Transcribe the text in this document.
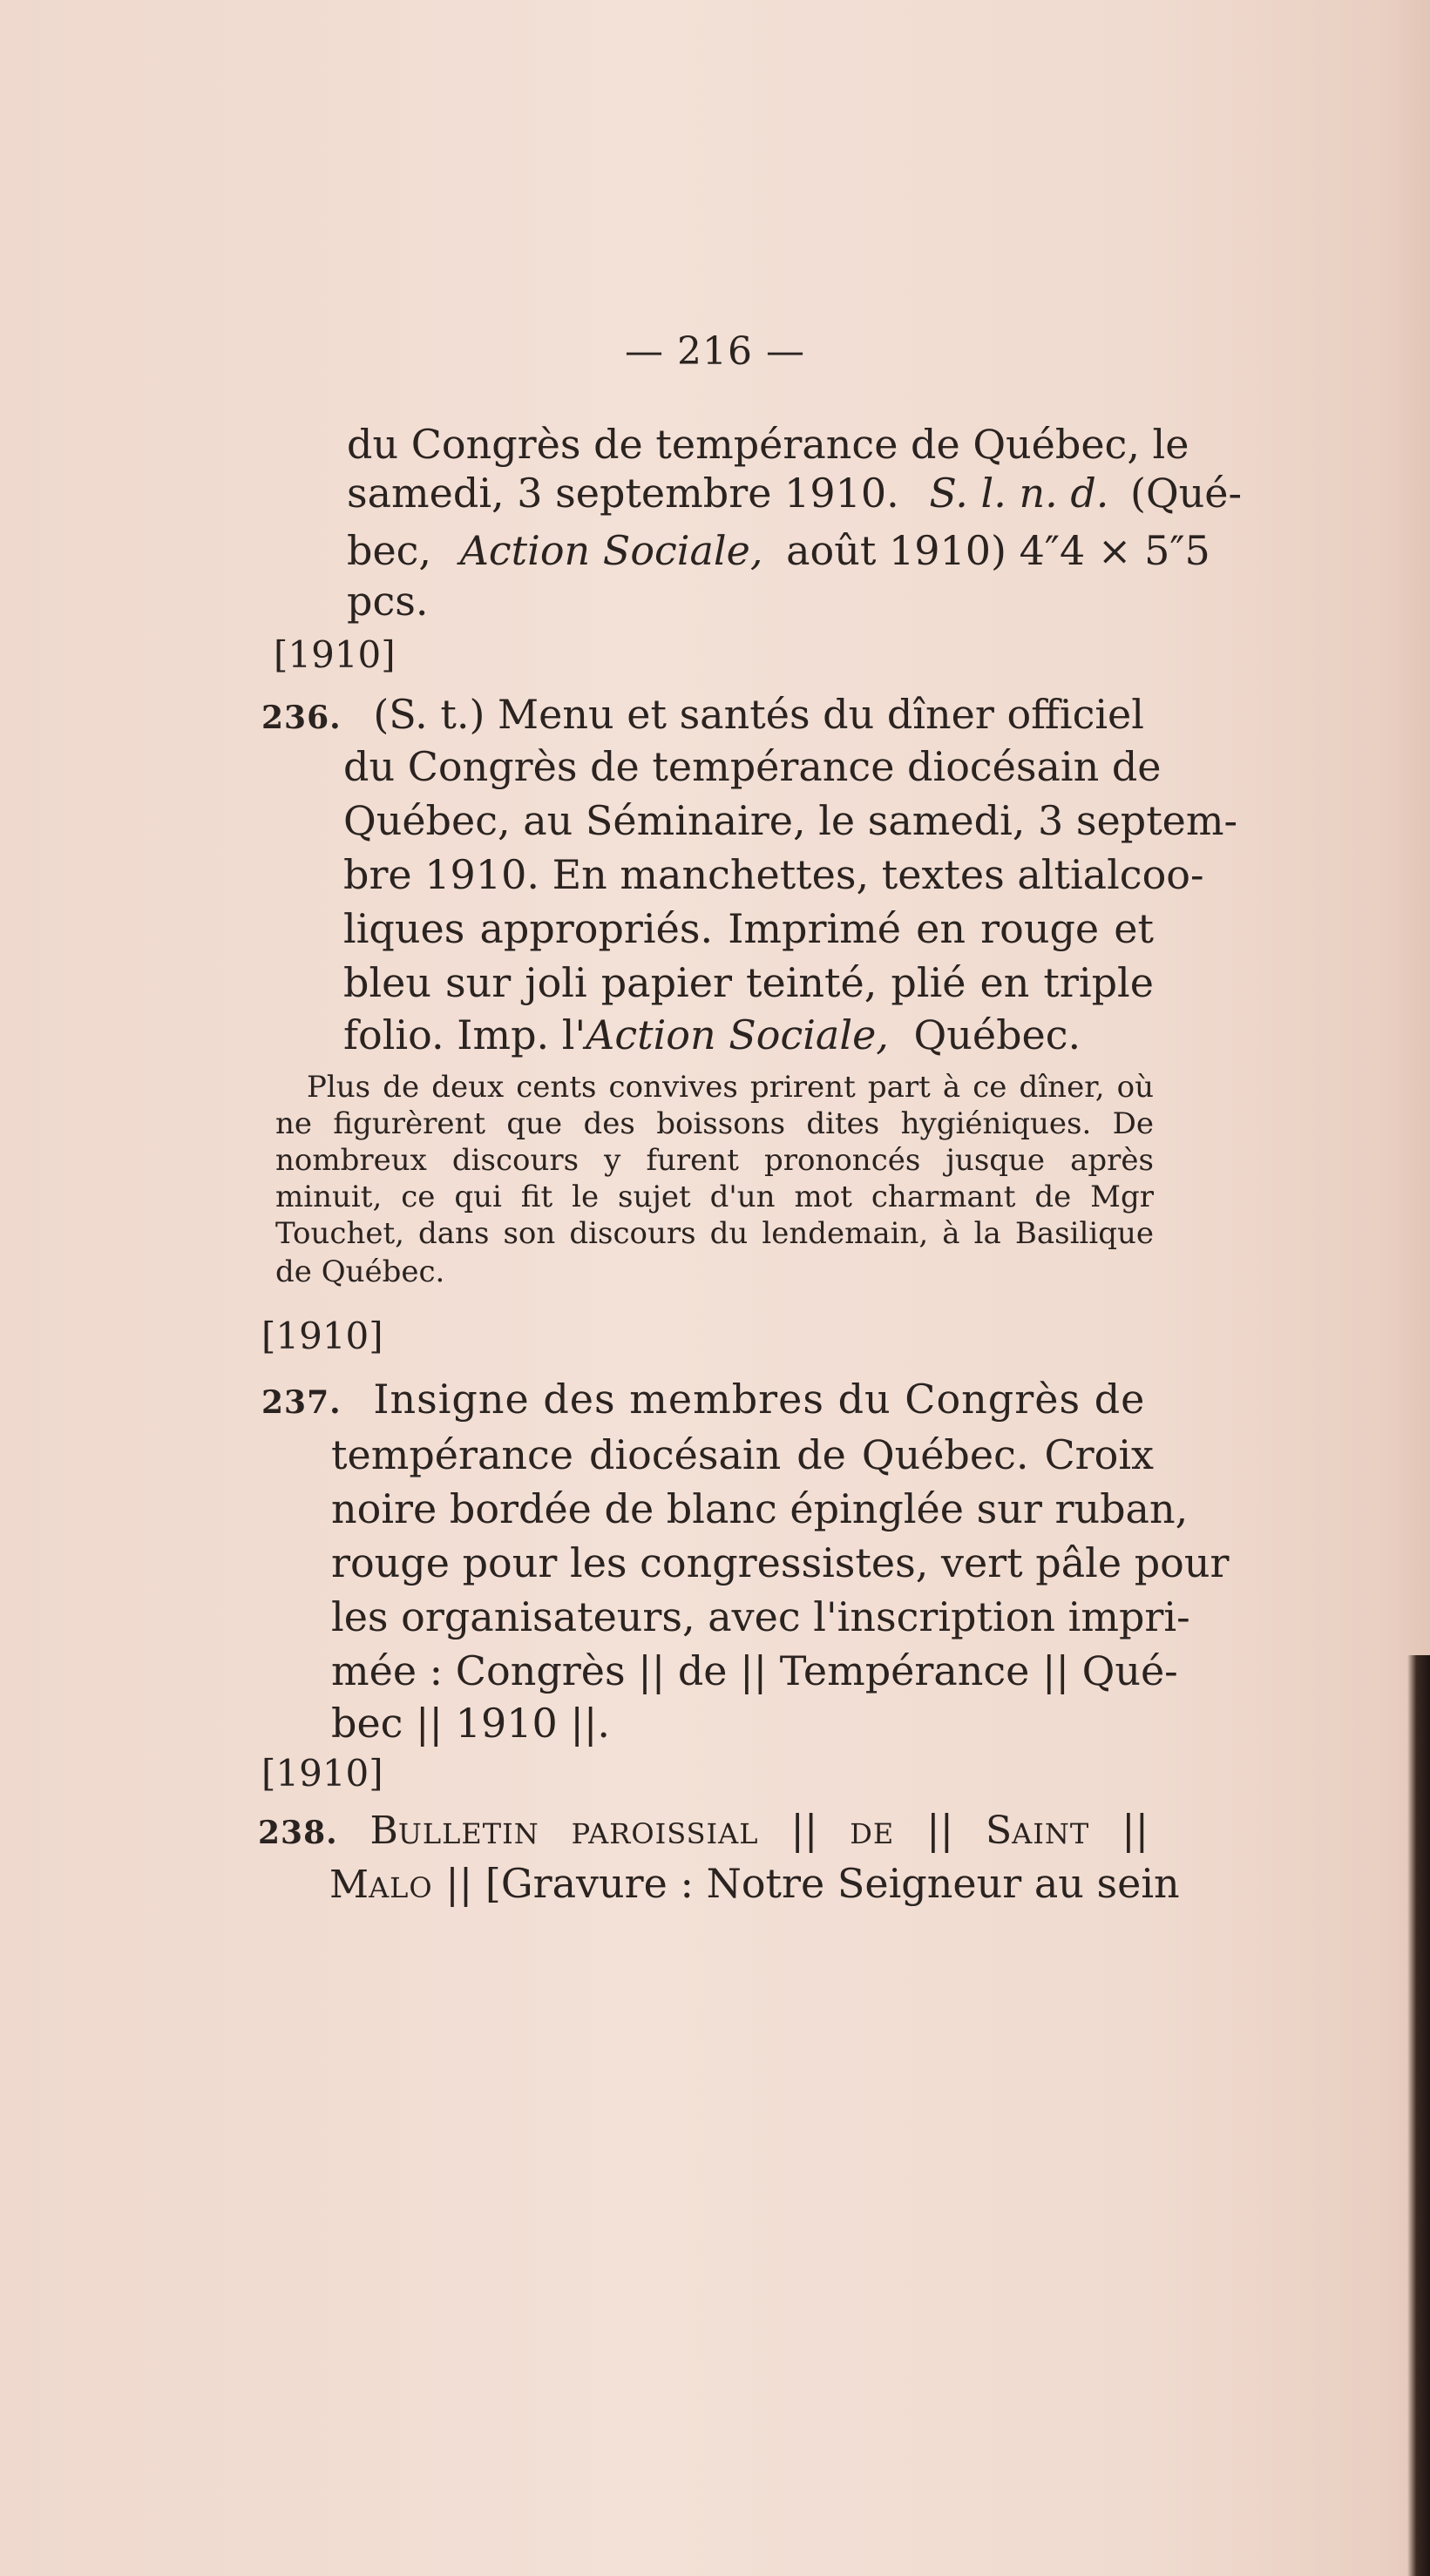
— 216 —
du Congrès de tempérance de Québec, le
samedi, 3 septembre 1910. S. l. n. d. (Qué-
bec, Action Sociale, août 1910) 4″4 × 5″5
pcs.
[1910]
236. (S. t.) Menu et santés du dîner officiel
du Congrès de tempérance diocésain de
Québec, au Séminaire, le samedi, 3 septem-
bre 1910. En manchettes, textes altialcoo-
liques appropriés. Imprimé en rouge et
bleu sur joli papier teinté, plié en triple
folio. Imp. l'Action Sociale, Québec.
Plus de deux cents convives prirent part à ce dîner, où
ne figurèrent que des boissons dites hygiéniques. De
nombreux discours y furent prononcés jusque après
minuit, ce qui fit le sujet d'un mot charmant de Mgr
Touchet, dans son discours du lendemain, à la Basilique
de Québec.
[1910]
237. Insigne des membres du Congrès de
tempérance diocésain de Québec. Croix
noire bordée de blanc épinglée sur ruban,
rouge pour les congressistes, vert pâle pour
les organisateurs, avec l'inscription impri-
mée : Congrès || de || Tempérance || Qué-
bec || 1910 ||.
[1910]
238. BULLETIN PAROISSIAL || DE || SAINT ||
MALO || [Gravure : Notre Seigneur au sein
